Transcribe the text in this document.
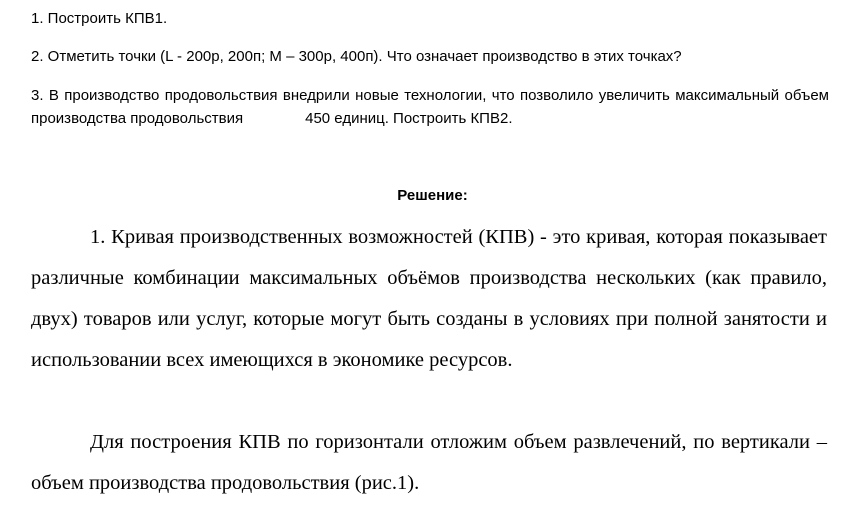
1. Построить КПВ1.

2. Отметить точки (L - 200р, 200п; M – 300р, 400п). Что означает производство в этих точках?

3. В производство продовольствия внедрили новые технологии, что позволило увеличить максимальный объем производства продовольствия	450 единиц. Построить КПВ2.

Решение:

1. Кривая производственных возможностей (КПВ) - это кривая, которая показывает различные комбинации максимальных объёмов производства нескольких (как правило, двух) товаров или услуг, которые могут быть созданы в условиях при полной занятости и использовании всех имеющихся в экономике ресурсов.

Для построения КПВ по горизонтали отложим объем развлечений, по вертикали – объем производства продовольствия (рис.1).
